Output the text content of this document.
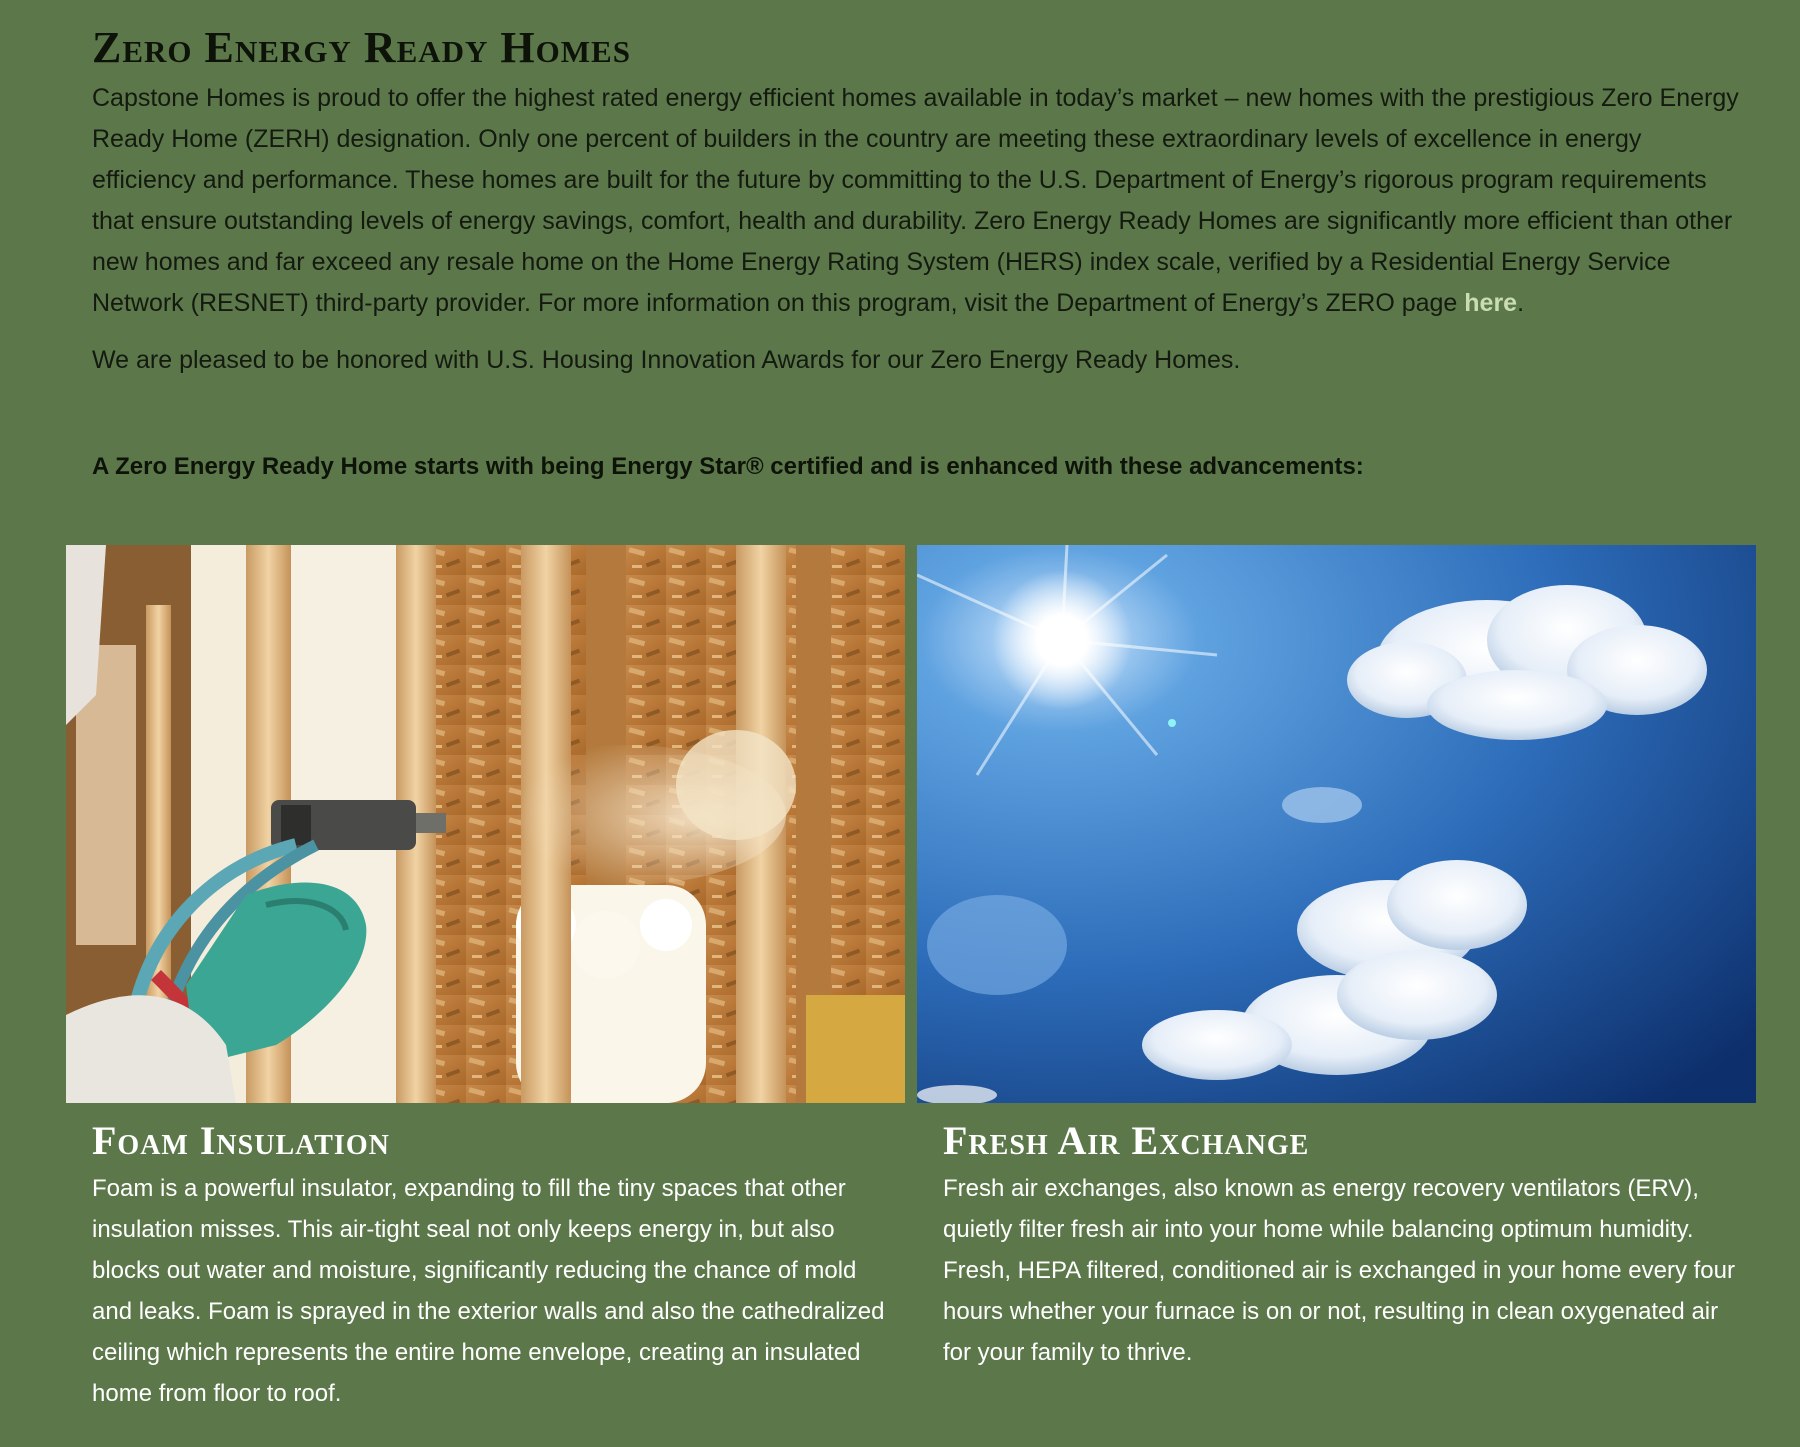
Zero Energy Ready Homes

Capstone Homes is proud to offer the highest rated energy efficient homes available in today’s market – new homes with the prestigious Zero Energy Ready Home (ZERH) designation. Only one percent of builders in the country are meeting these extraordinary levels of excellence in energy efficiency and performance. These homes are built for the future by committing to the U.S. Department of Energy’s rigorous program requirements that ensure outstanding levels of energy savings, comfort, health and durability. Zero Energy Ready Homes are significantly more efficient than other new homes and far exceed any resale home on the Home Energy Rating System (HERS) index scale, verified by a Residential Energy Service Network (RESNET) third-party provider. For more information on this program, visit the Department of Energy’s ZERO page here.

We are pleased to be honored with U.S. Housing Innovation Awards for our Zero Energy Ready Homes.

A Zero Energy Ready Home starts with being Energy Star® certified and is enhanced with these advancements:

Foam Insulation

Foam is a powerful insulator, expanding to fill the tiny spaces that other insulation misses. This air-tight seal not only keeps energy in, but also blocks out water and moisture, significantly reducing the chance of mold and leaks. Foam is sprayed in the exterior walls and also the cathedralized ceiling which represents the entire home envelope, creating an insulated home from floor to roof.

Fresh Air Exchange

Fresh air exchanges, also known as energy recovery ventilators (ERV), quietly filter fresh air into your home while balancing optimum humidity. Fresh, HEPA filtered, conditioned air is exchanged in your home every four hours whether your furnace is on or not, resulting in clean oxygenated air for your family to thrive.
